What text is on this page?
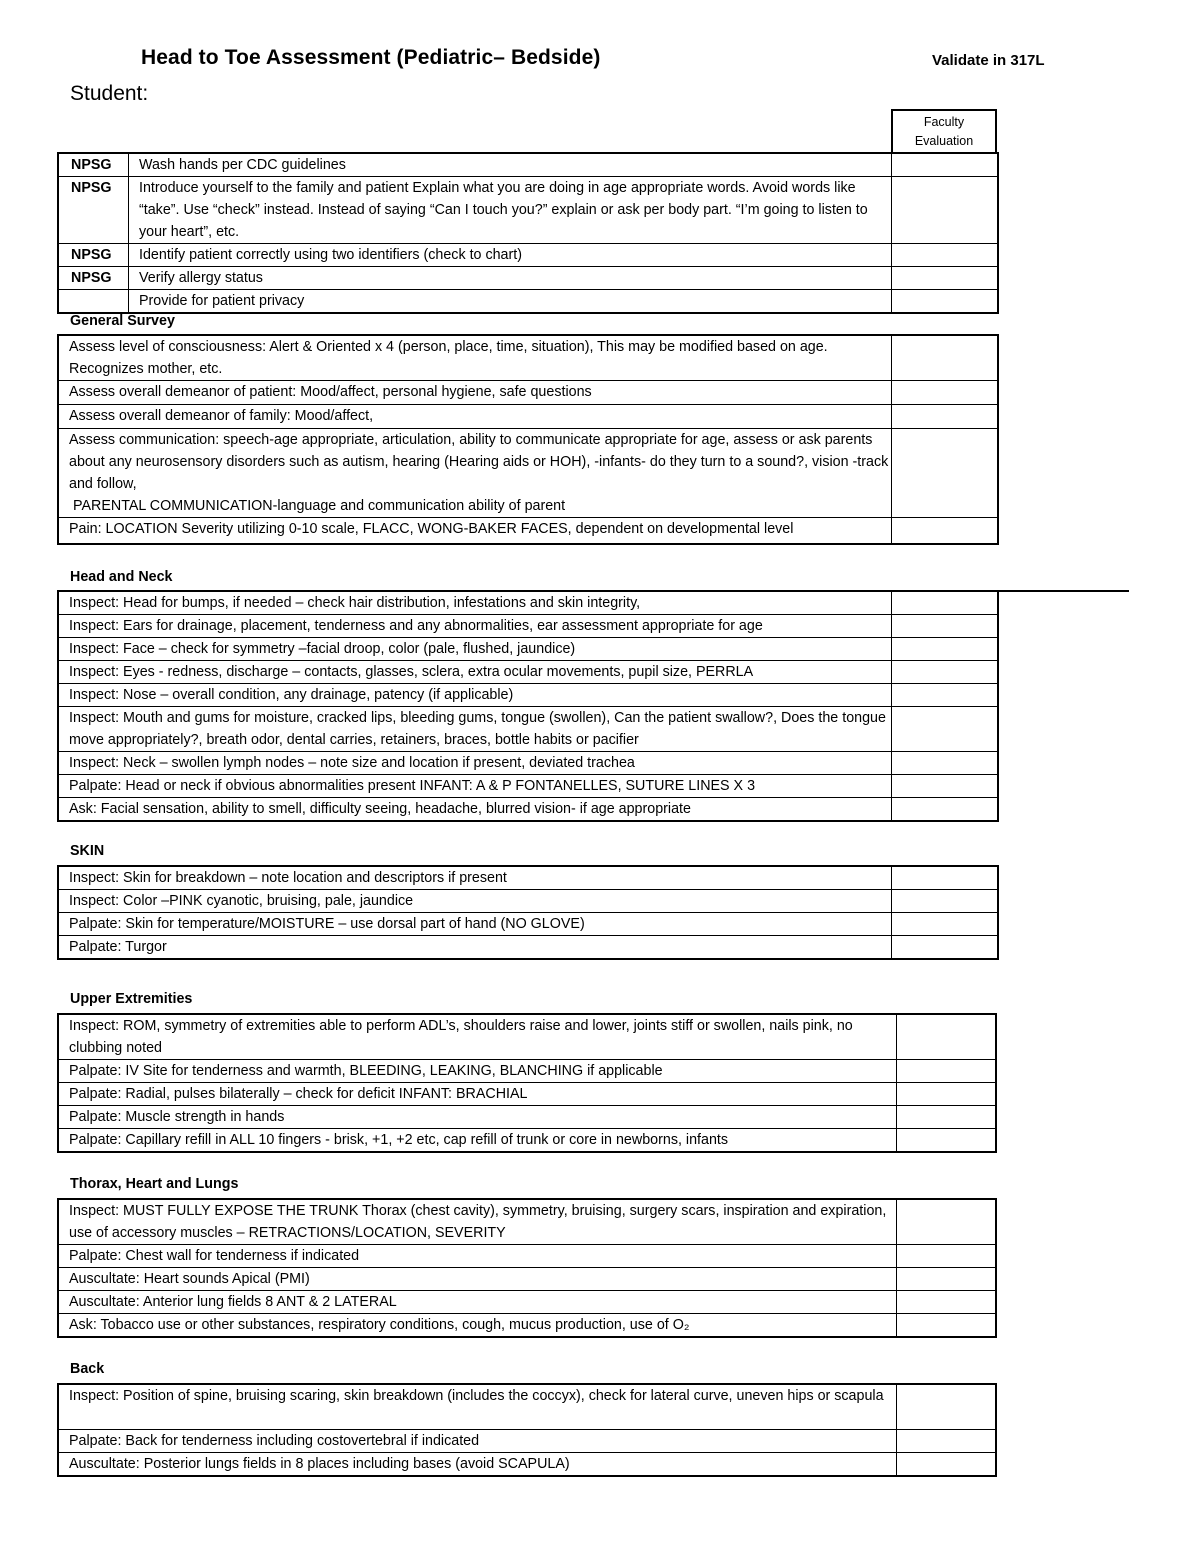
Head to Toe Assessment (Pediatric– Bedside)	Validate in 317L
Student:
Faculty
Evaluation
NPSG	Wash hands per CDC guidelines	
NPSG	Introduce yourself to the family and patient Explain what you are doing in age appropriate words. Avoid words like “take”. Use “check” instead. Instead of saying “Can I touch you?” explain or ask per body part. “I’m going to listen to your heart”, etc.	
NPSG	Identify patient correctly using two identifiers (check to chart)	
NPSG	Verify allergy status	
	Provide for patient privacy	
General Survey
Assess level of consciousness: Alert & Oriented x 4 (person, place, time, situation), This may be modified based on age. Recognizes mother, etc.	
Assess overall demeanor of patient: Mood/affect, personal hygiene, safe questions	
Assess overall demeanor of family: Mood/affect,	

Assess communication: speech-age appropriate, articulation, ability to communicate appropriate for age, assess or ask parents about any neurosensory disorders such as autism, hearing (Hearing aids or HOH), -infants- do they turn to a sound?, vision -track and follow,
PARENTAL COMMUNICATION-language and communication ability of parent	

Pain: LOCATION Severity utilizing 0-10 scale, FLACC, WONG-BAKER FACES, dependent on developmental level	
Head and Neck
Inspect: Head for bumps, if needed – check hair distribution, infestations and skin integrity,	
Inspect: Ears for drainage, placement, tenderness and any abnormalities, ear assessment appropriate for age	
Inspect: Face – check for symmetry –facial droop, color (pale, flushed, jaundice)	
Inspect: Eyes - redness, discharge – contacts, glasses, sclera, extra ocular movements, pupil size, PERRLA	
Inspect: Nose – overall condition, any drainage, patency (if applicable)	
Inspect: Mouth and gums for moisture, cracked lips, bleeding gums, tongue (swollen), Can the patient swallow?, Does the tongue move appropriately?, breath odor, dental carries, retainers, braces, bottle habits or pacifier	
Inspect: Neck – swollen lymph nodes – note size and location if present, deviated trachea	
Palpate: Head or neck if obvious abnormalities present INFANT: A & P FONTANELLES, SUTURE LINES X 3	
Ask: Facial sensation, ability to smell, difficulty seeing, headache, blurred vision- if age appropriate	
SKIN
Inspect: Skin for breakdown – note location and descriptors if present	
Inspect: Color –PINK cyanotic, bruising, pale, jaundice	
Palpate: Skin for temperature/MOISTURE – use dorsal part of hand (NO GLOVE)	
Palpate: Turgor	
Upper Extremities
Inspect: ROM, symmetry of extremities able to perform ADL’s, shoulders raise and lower, joints stiff or swollen, nails pink, no clubbing noted	
Palpate: IV Site for tenderness and warmth, BLEEDING, LEAKING, BLANCHING if applicable	
Palpate: Radial, pulses bilaterally – check for deficit INFANT: BRACHIAL	
Palpate: Muscle strength in hands	
Palpate: Capillary refill in ALL 10 fingers - brisk, +1, +2 etc, cap refill of trunk or core in newborns, infants	
Thorax, Heart and Lungs
Inspect: MUST FULLY EXPOSE THE TRUNK Thorax (chest cavity), symmetry, bruising, surgery scars, inspiration and expiration, use of accessory muscles – RETRACTIONS/LOCATION, SEVERITY	
Palpate: Chest wall for tenderness if indicated	
Auscultate: Heart sounds Apical (PMI)	
Auscultate: Anterior lung fields 8 ANT & 2 LATERAL	
Ask: Tobacco use or other substances, respiratory conditions, cough, mucus production, use of O₂	
Back
Inspect: Position of spine, bruising scaring, skin breakdown (includes the coccyx), check for lateral curve, uneven hips or scapula	
Palpate: Back for tenderness including costovertebral if indicated	
Auscultate: Posterior lungs fields in 8 places including bases (avoid SCAPULA)	
